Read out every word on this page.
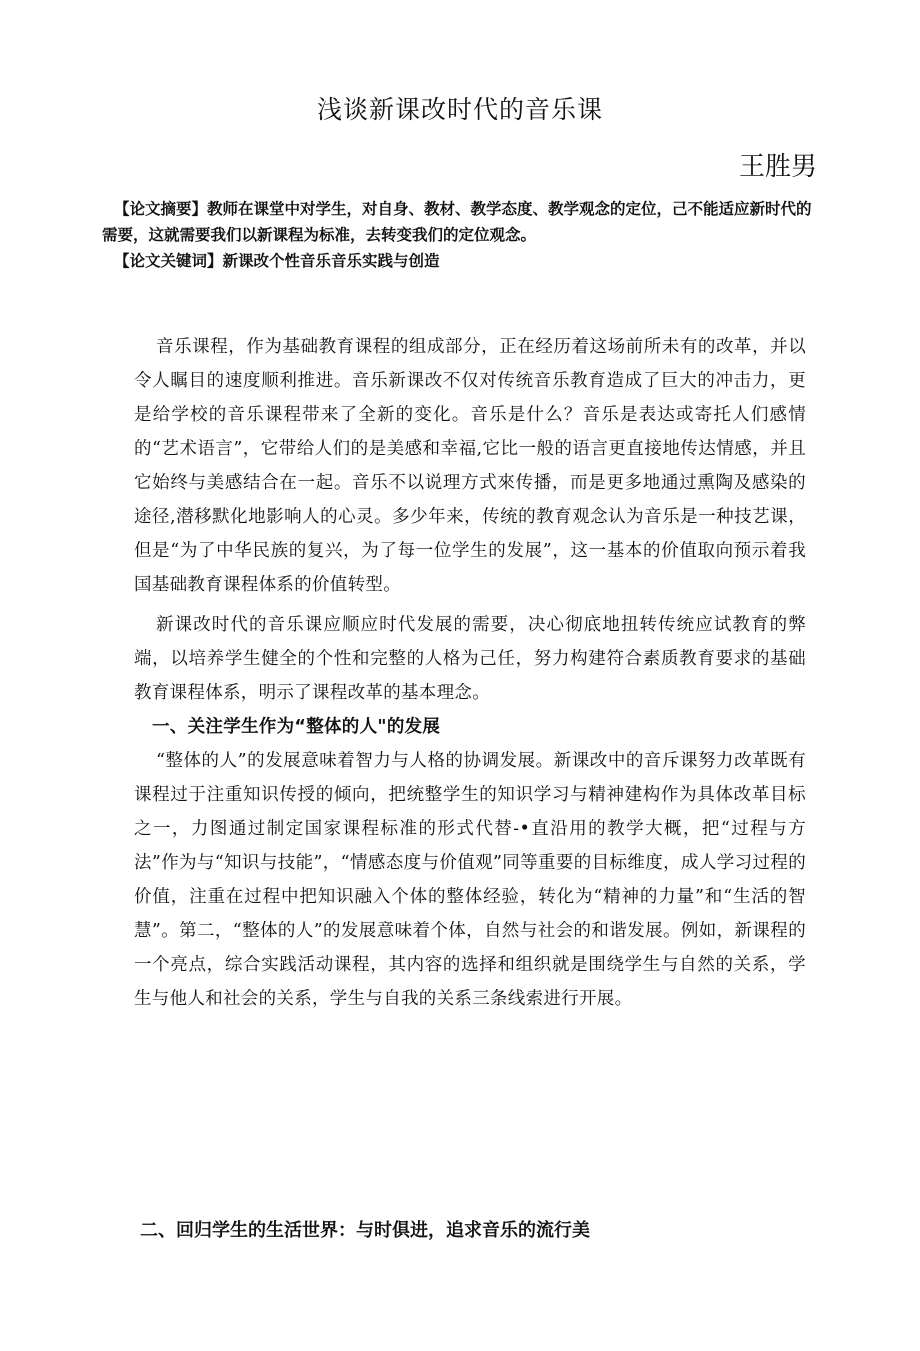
浅谈新课改时代的音乐课
王胜男

【论文摘要】教师在课堂中对学生，对自身、教材、教学态度、教学观念的定位，己不能适应新时代的需要，这就需要我们以新课程为标准，去转变我们的定位观念。

【论文关键词】新课改个性音乐音乐实践与创造

音乐课程，作为基础教育课程的组成部分，正在经历着这场前所未有的改革，并以令人瞩目的速度顺利推进。音乐新课改不仅对传统音乐教育造成了巨大的冲击力，更是给学校的音乐课程带来了全新的变化。音乐是什么？音乐是表达或寄托人们感情的“艺术语言”，它带给人们的是美感和幸福,它比一般的语言更直接地传达情感，并且它始终与美感结合在一起。音乐不以说理方式來传播，而是更多地通过熏陶及感染的途径,潜移默化地影响人的心灵。多少年来，传统的教育观念认为音乐是一种技艺课，但是“为了中华民族的复兴，为了每一位学生的发展”，这一基本的价值取向预示着我国基础教育课程体系的价值转型。

新课改时代的音乐课应顺应时代发展的需要，决心彻底地扭转传统应试教育的弊端，以培养学生健全的个性和完整的人格为己任，努力构建符合素质教育要求的基础教育课程体系，明示了课程改革的基本理念。

一、关注学生作为“整体的人"的发展

“整体的人”的发展意味着智力与人格的协调发展。新课改中的音斥课努力改革既有课程过于注重知识传授的倾向，把统整学生的知识学习与精神建构作为具体改革目标之一，力图通过制定国家课程标准的形式代替-•直沿用的教学大概，把“过程与方法”作为与“知识与技能”，“情感态度与价值观”同等重要的目标维度，成人学习过程的价值，注重在过程中把知识融入个体的整体经验，转化为“精神的力量”和“生活的智慧”。第二，“整体的人”的发展意味着个体，自然与社会的和谐发展。例如，新课程的一个亮点，综合实践活动课程，其内容的选择和组织就是围绕学生与自然的关系，学生与他人和社会的关系，学生与自我的关系三条线索进行开展。

二、回归学生的生活世界：与时俱进，追求音乐的流行美
